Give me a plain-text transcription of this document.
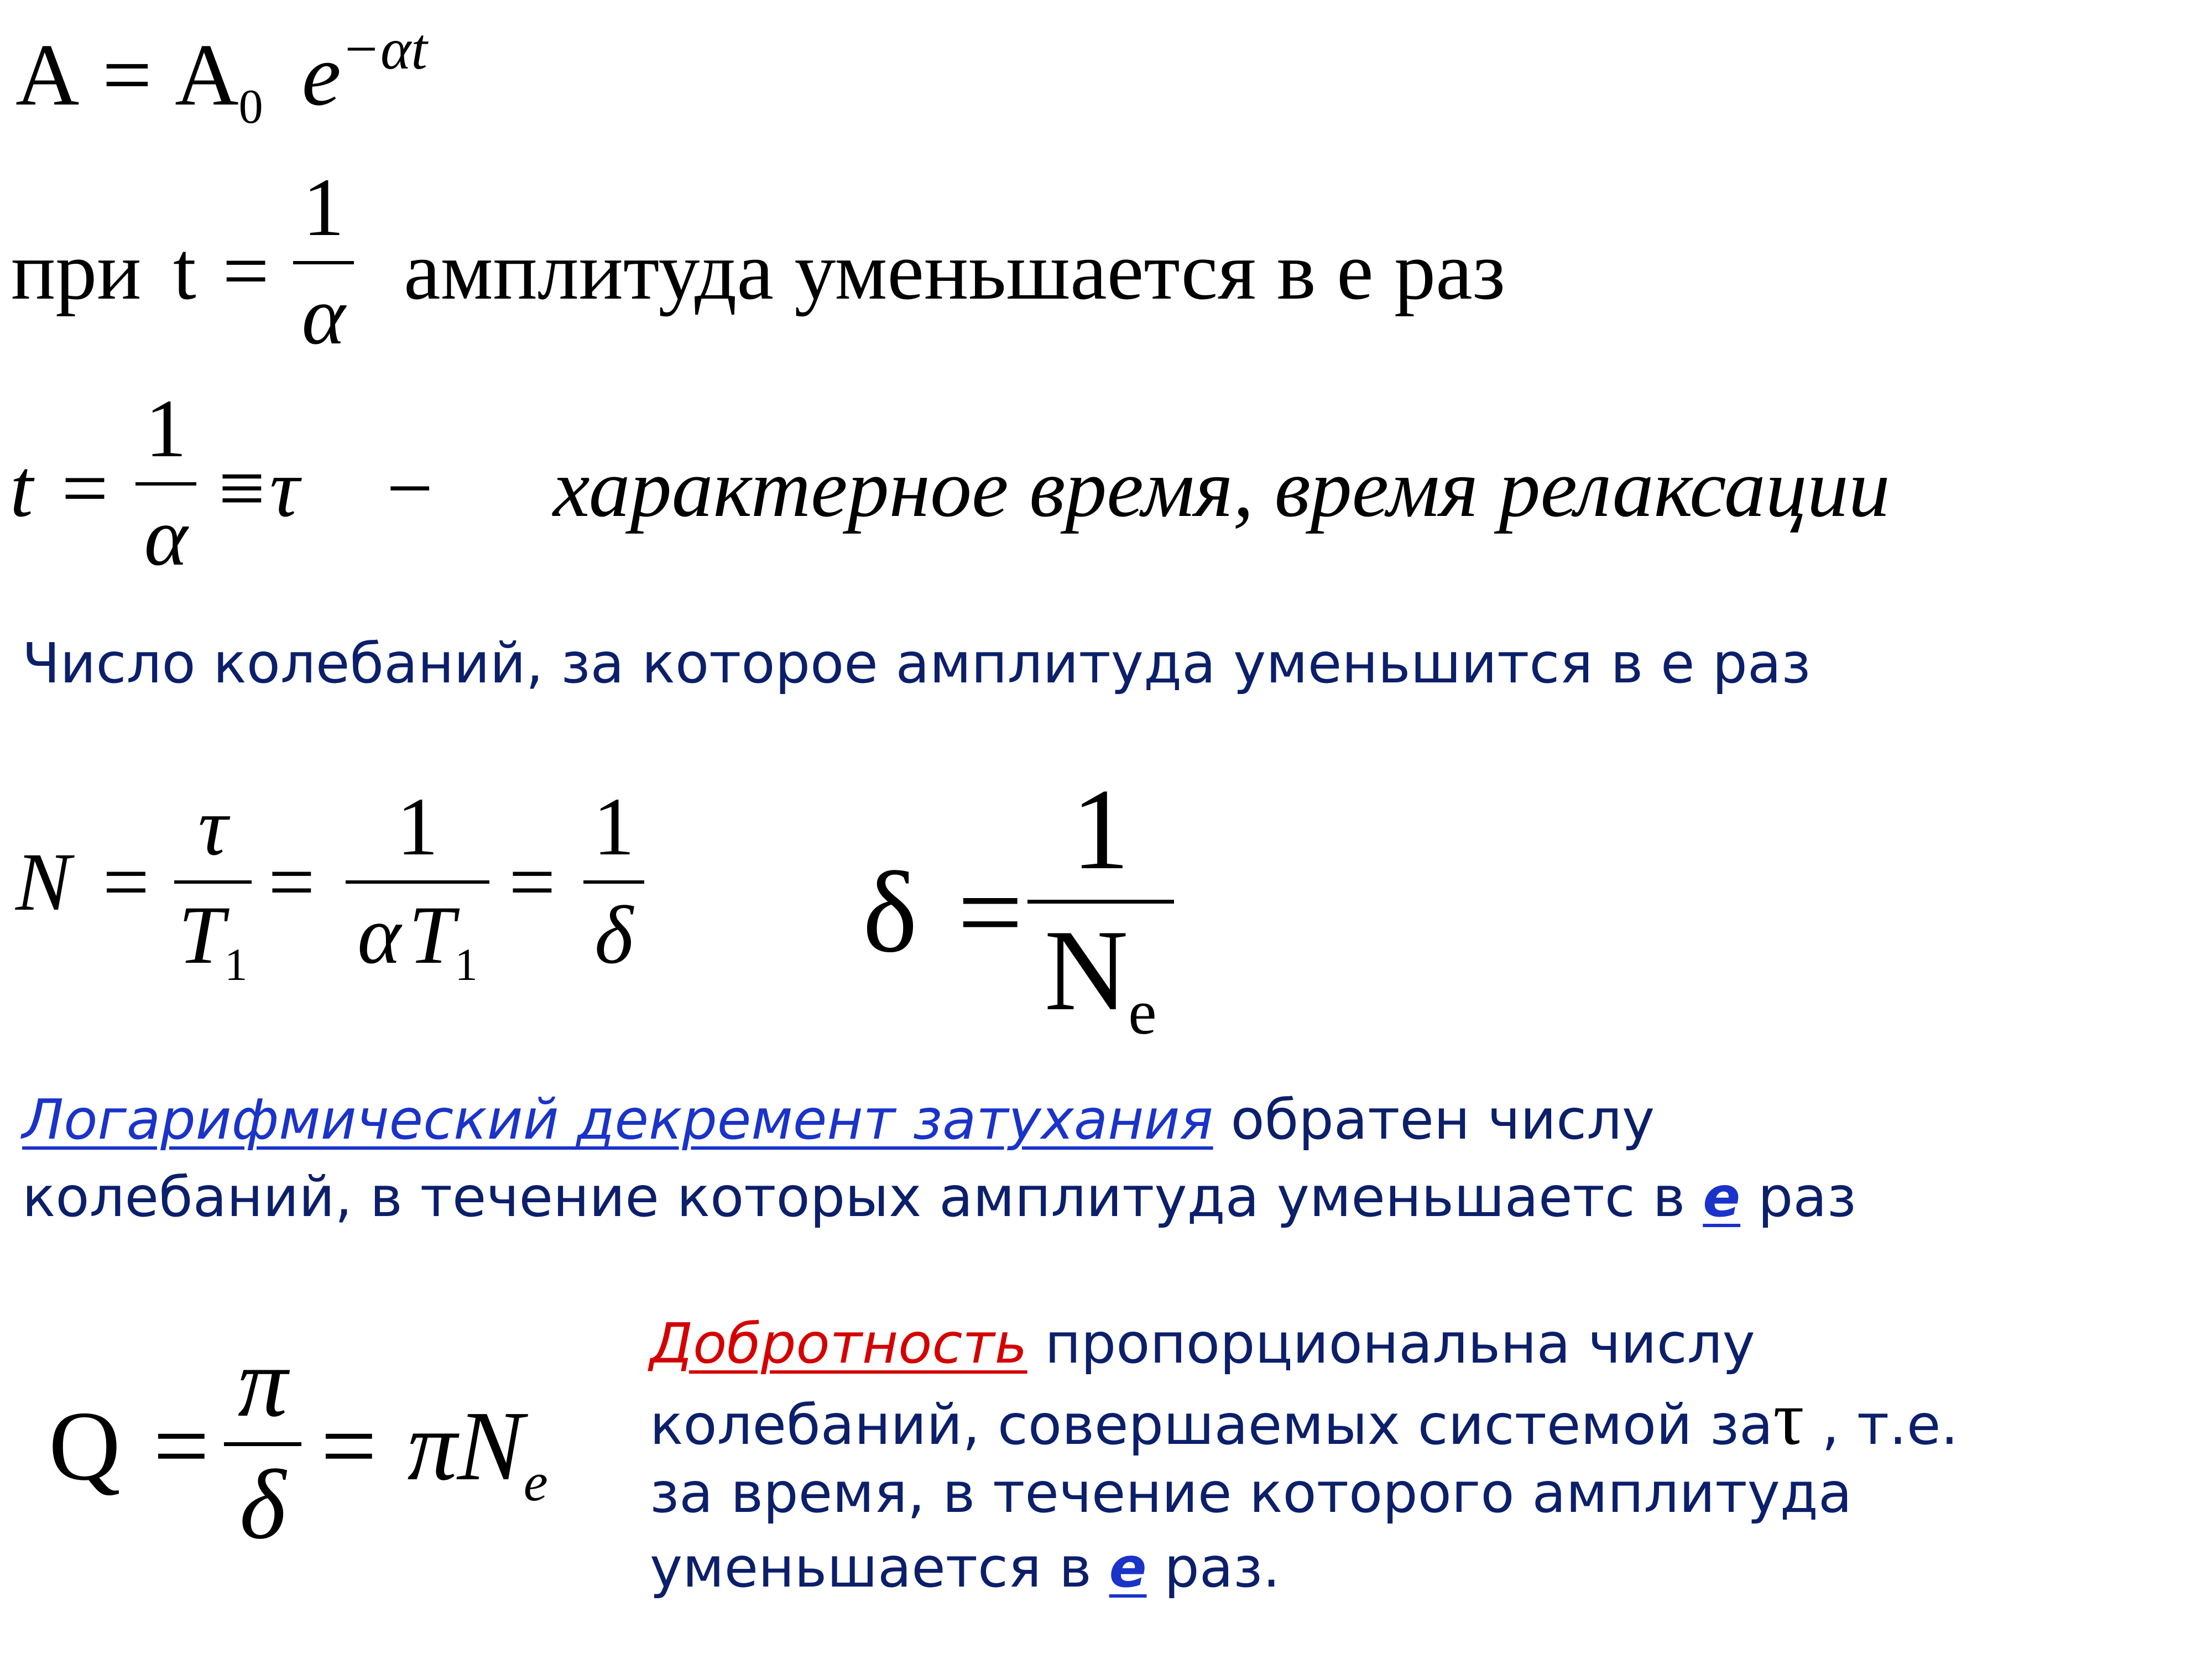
$A = A_0$ $e^{-\alpha t}$
при t =
1
α амплитуда уменьшается в е раз
t =
1
α
≡τ − характерное время, время релаксации
Число колебаний, за которое амплитуда уменьшится в е раз
N =
τ
$T_1$
=
1
$\alpha T_1$
=
1
δ δ =
1
$N_e$
Логарифмический декремент затухания обратен числу
колебаний, в течение которых амплитуда уменьшаетс в е раз
Q =
π
δ
= $\pi N_e$
Добротность пропорциональна числу
колебаний, совершаемых системой заτ , т.е.
за время, в течение которого амплитуда
уменьшается в е раз.
